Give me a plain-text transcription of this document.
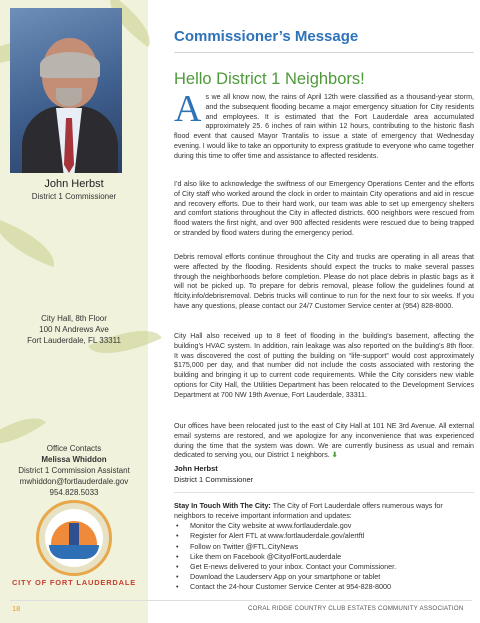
John Herbst
District 1 Commissioner
City Hall, 8th Floor
100 N Andrews Ave
Fort Lauderdale, FL 33311
Office Contacts
Melissa Whiddon
District 1 Commission Assistant
mwhiddon@fortlauderdale.gov
954.828.5033
CITY OF FORT LAUDERDALE
Commissioner’s Message
Hello District 1 Neighbors!
As we all know now, the rains of April 12th were classified as a thousand-year storm, and the subsequent flooding became a major emergency situation for City residents and employees. It is estimated that the Fort Lauderdale area accumulated approximately 25. 6 inches of rain within 12 hours, contributing to the historic flash flood event that caused Mayor Trantalis to issue a state of emergency that Wednesday evening. I would like to take an opportunity to express gratitude to everyone who came together during this time to offer time and assistance to affected residents.
I’d also like to acknowledge the swiftness of our Emergency Operations Center and the efforts of City staff who worked around the clock in order to maintain City operations and aid in rescue and recovery efforts. Due to their hard work, our team was able to set up emergency shelters and comfort stations throughout the City in affected districts. 600 neighbors were rescued from flood waters the first night, and over 900 affected residents were rescued due to being trapped or stranded by flood waters during the emergency period.
Debris removal efforts continue throughout the City and trucks are operating in all areas that were affected by the flooding. Residents should expect the trucks to make several passes through the neighborhoods before completion. Please do not place debris in plastic bags as it will not be picked up. To prepare for debris removal, please follow the guidelines found at ftlcity.info/debrisremoval. Debris trucks will continue to run for the next four to six weeks. If you have any questions, please contact our 24/7 Customer Service center at (954) 828-8000.
City Hall also received up to 8 feet of flooding in the building’s basement, affecting the building’s HVAC system. In addition, rain leakage was also reported on the building’s 8th floor. It was discovered the cost of putting the building on “life-support” would cost approximately $175,000 per day, and that number did not include the costs associated with restoring the building and bringing it up to current code requirements. While the City considers new viable options for City Hall, the Utilities Department has been relocated to the Development Services Department at 700 NW 19th Avenue, Fort Lauderdale, 33311.
Our offices have been relocated just to the east of City Hall at 101 NE 3rd Avenue. All external email systems are restored, and we apologize for any inconvenience that was experienced during the time that the system was down. We are currently business as usual and remain dedicated to serving you, our District 1 neighbors. ⬇
John Herbst
District 1 Commissioner
Stay In Touch With The City: The City of Fort Lauderdale offers numerous ways for neighbors to receive important information and updates:
• Monitor the City website at www.fortlauderdale.gov
• Register for Alert FTL at www.fortlauderdale.gov/alertftl
• Follow on Twitter @FTL.CityNews
• Like them on Facebook @CityofFortLauderdale
• Get E-news delivered to your inbox. Contact your Commissioner.
• Download the Lauderserv App on your smartphone or tablet
• Contact the 24-hour Customer Service Center at 954-828-8000
18	CORAL RIDGE COUNTRY CLUB ESTATES COMMUNITY ASSOCIATION
